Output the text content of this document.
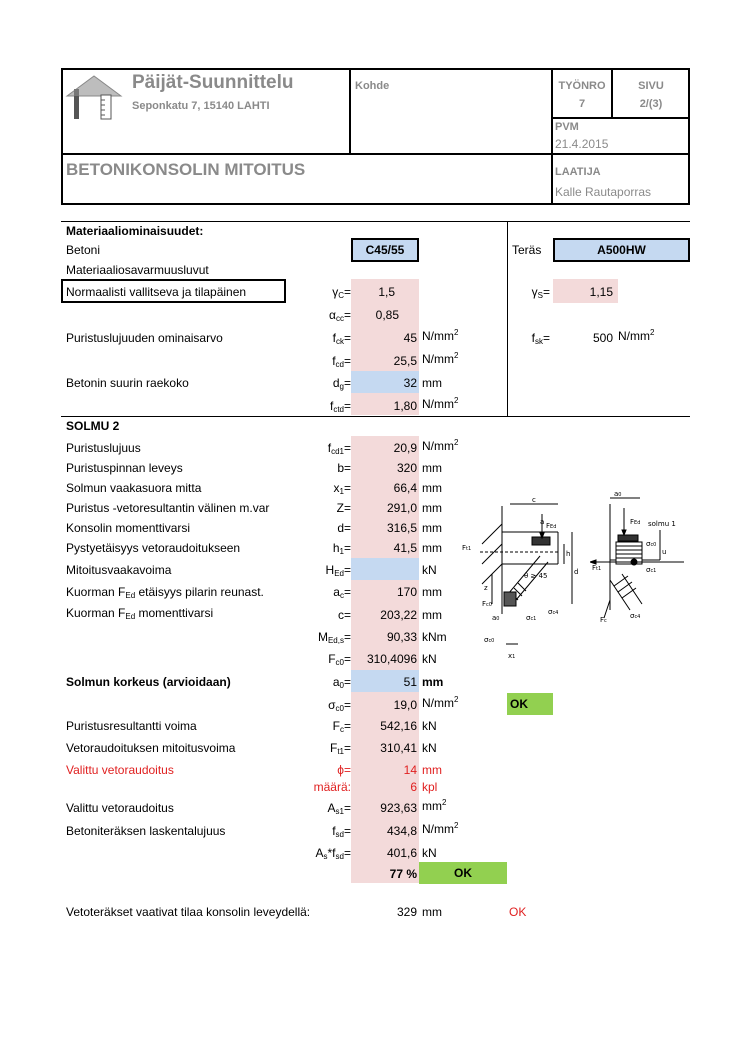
Päijät-Suunnittelu
Seponkatu 7, 15140 LAHTI
Kohde	TYÖNRO
7
SIVU
2/(3)
PVM
21.4.2015
BETONIKONSOLIN MITOITUS	LAATIJA
Kalle Rautaporras
Materiaaliominaisuudet:
Betoni	C45/55	Teräs	A500HW
Materiaaliosavarmuusluvut
Normaalisti vallitseva ja tilapäinen	$\gamma_C=$	1,5	$\gamma_S=$	1,15
$\alpha_{cc}=$	0,85
Puristuslujuuden ominaisarvo	$f_{ck}=$	45 $N/mm^2$	$f_{sk}=$	500 $N/mm^2$
$f_{cd}=$	25,5 $N/mm^2$
Betonin suurin raekoko	$d_g=$	32 mm
$f_{ctd}=$	1,80 $N/mm^2$
SOLMU 2
Puristuslujuus	$f_{cd1}=$	20,9 $N/mm^2$
Puristuspinnan leveys	b=	320 mm
Solmun vaakasuora mitta	$x_1=$	66,4 mm
Puristus -vetoresultantin välinen m.var	Z=	291,0 mm
Konsolin momenttivarsi	d=	316,5 mm
Pystyetäisyys vetoraudoitukseen	$h_1=$	41,5 mm
Mitoitusvaakavoima	$H_{Ed}=$	kN
Kuorman $F_{Ed}$ etäisyys pilarin reunast.	$a_c=$	170 mm
Kuorman $F_{Ed}$ momenttivarsi	c=	203,22 mm
$M_{Ed,s}=$	90,33 kNm
$F_{c0}=$	310,4096 kN
Solmun korkeus (arvioidaan)	$a_0=$	51 mm
$\sigma_{c0}=$	19,0 $N/mm^2$	OK
Puristusresultantti voima	$F_c=$	542,16 kN
Vetoraudoituksen mitoitusvoima	$F_{t1}=$	310,41 kN
Valittu vetoraudoitus	ϕ=	14 mm
määrä:	6 kpl
Valittu vetoraudoitus	$A_{s1}=$	923,63 $mm^2$
Betoniteräksen laskentalujuus	$f_{sd}=$	434,8 $N/mm^2$
$A_s*f_{sd}=$	401,6 kN
77 %	OK
Vetoteräkset vaativat tilaa konsolin leveydellä:	329 mm	OK
c
a FEd
Ft1
θ ≥ 45
h
d
z
Fc0
a0	σc1
σc4
σc0
x1
a0
FEd solmu 1
σc0
u
Ft1	σc1
Fc
σc4
